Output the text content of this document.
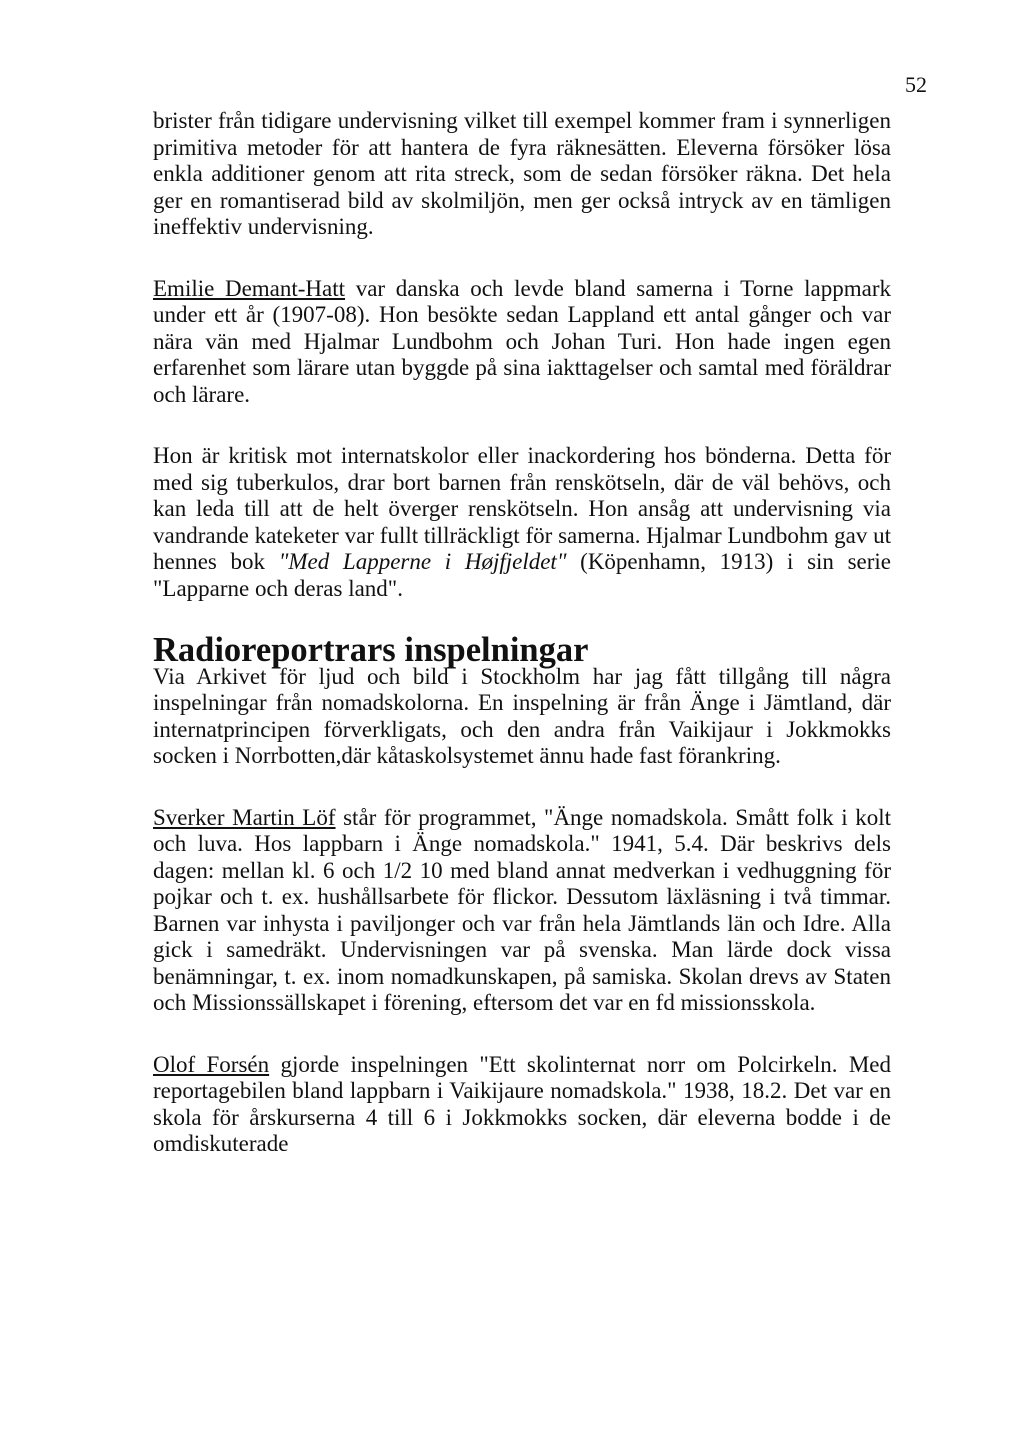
52

brister från tidigare undervisning vilket till exempel kommer fram i synnerligen primitiva metoder för att hantera de fyra räknesätten. Eleverna försöker lösa enkla additioner genom att rita streck, som de sedan försöker räkna. Det hela ger en romantiserad bild av skolmiljön, men ger också intryck av en tämligen ineffektiv undervisning.

Emilie Demant-Hatt var danska och levde bland samerna i Torne lappmark under ett år (1907-08). Hon besökte sedan Lappland ett antal gånger och var nära vän med Hjalmar Lundbohm och Johan Turi. Hon hade ingen egen erfarenhet som lärare utan byggde på sina iakttagelser och samtal med föräldrar och lärare.

Hon är kritisk mot internatskolor eller inackordering hos bönderna. Detta för med sig tuberkulos, drar bort barnen från renskötseln, där de väl behövs, och kan leda till att de helt överger renskötseln. Hon ansåg att undervisning via vandrande kateketer var fullt tillräckligt för samerna. Hjalmar Lundbohm gav ut hennes bok "Med Lapperne i Højfjeldet" (Köpenhamn, 1913) i sin serie "Lapparne och deras land".

Radioreportrars inspelningar

Via Arkivet för ljud och bild i Stockholm har jag fått tillgång till några inspelningar från nomadskolorna. En inspelning är från Änge i Jämtland, där internatprincipen förverkligats, och den andra från Vaikijaur i Jokkmokks socken i Norrbotten,där kåtaskolsystemet ännu hade fast förankring.

Sverker Martin Löf står för programmet, "Änge nomadskola. Smått folk i kolt och luva. Hos lappbarn i Änge nomadskola." 1941, 5.4. Där beskrivs dels dagen: mellan kl. 6 och 1/2 10 med bland annat medverkan i vedhuggning för pojkar och t. ex. hushållsarbete för flickor. Dessutom läxläsning i två timmar. Barnen var inhysta i paviljonger och var från hela Jämtlands län och Idre. Alla gick i samedräkt. Undervisningen var på svenska. Man lärde dock vissa benämningar, t. ex. inom nomadkunskapen, på samiska. Skolan drevs av Staten och Missionssällskapet i förening, eftersom det var en fd missionsskola.

Olof Forsén gjorde inspelningen "Ett skolinternat norr om Polcirkeln. Med reportagebilen bland lappbarn i Vaikijaure nomadskola." 1938, 18.2. Det var en skola för årskurserna 4 till 6 i Jokkmokks socken, där eleverna bodde i de omdiskuterade
